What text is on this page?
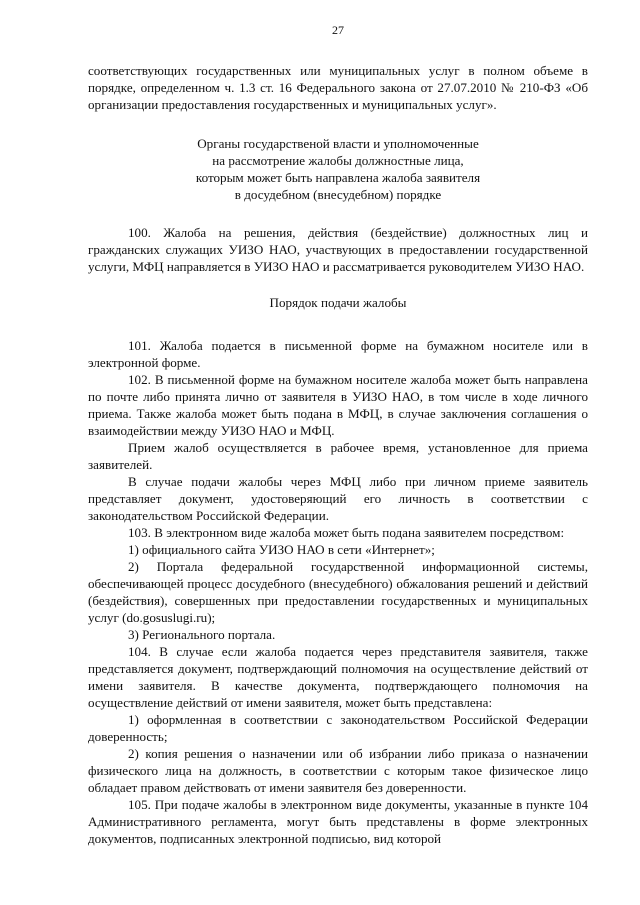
27

соответствующих государственных или муниципальных услуг в полном объеме в порядке, определенном ч. 1.3 ст. 16 Федерального закона от 27.07.2010 № 210-ФЗ «Об организации предоставления государственных и муниципальных услуг».

Органы государственой власти и уполномоченные
на рассмотрение жалобы должностные лица,
которым может быть направлена жалоба заявителя
в досудебном (внесудебном) порядке

100. Жалоба на решения, действия (бездействие) должностных лиц и гражданских служащих УИЗО НАО, участвующих в предоставлении государственной услуги, МФЦ направляется в УИЗО НАО и рассматривается руководителем УИЗО НАО.

Порядок подачи жалобы

101. Жалоба подается в письменной форме на бумажном носителе или в электронной форме.

102. В письменной форме на бумажном носителе жалоба может быть направлена по почте либо принята лично от заявителя в УИЗО НАО, в том числе в ходе личного приема. Также жалоба может быть подана в МФЦ, в случае заключения соглашения о взаимодействии между УИЗО НАО и МФЦ.

Прием жалоб осуществляется в рабочее время, установленное для приема заявителей.

В случае подачи жалобы через МФЦ либо при личном приеме заявитель представляет документ, удостоверяющий его личность в соответствии с законодательством Российской Федерации.

103. В электронном виде жалоба может быть подана заявителем посредством:

1) официального сайта УИЗО НАО в сети «Интернет»;

2) Портала федеральной государственной информационной системы, обеспечивающей процесс досудебного (внесудебного) обжалования решений и действий (бездействия), совершенных при предоставлении государственных и муниципальных услуг (do.gosuslugi.ru);

3) Регионального портала.

104. В случае если жалоба подается через представителя заявителя, также представляется документ, подтверждающий полномочия на осуществление действий от имени заявителя. В качестве документа, подтверждающего полномочия на осуществление действий от имени заявителя, может быть представлена:

1) оформленная в соответствии с законодательством Российской Федерации доверенность;

2) копия решения о назначении или об избрании либо приказа о назначении физического лица на должность, в соответствии с которым такое физическое лицо обладает правом действовать от имени заявителя без доверенности.

105. При подаче жалобы в электронном виде документы, указанные в пункте 104 Административного регламента, могут быть представлены в форме электронных документов, подписанных электронной подписью, вид которой
